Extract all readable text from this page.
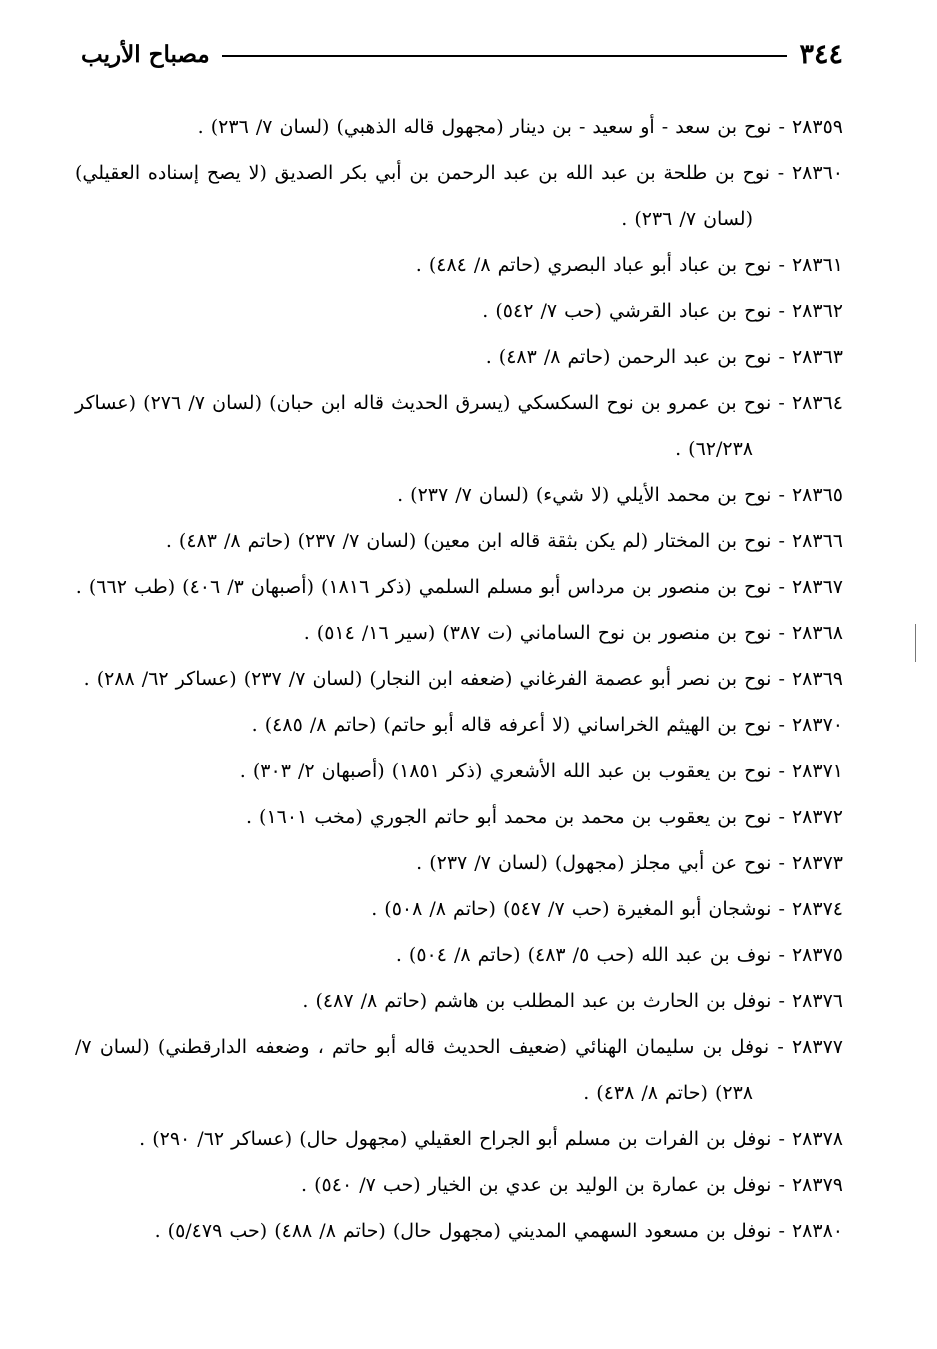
٣٤٤
مصباح الأريب
٢٨٣٥٩ - نوح بن سعد - أو سعيد - بن دينار (مجهول قاله الذهبي) (لسان ٧/ ٢٣٦) .
٢٨٣٦٠ - نوح بن طلحة بن عبد الله بن عبد الرحمن بن أبي بكر الصديق (لا يصح إسناده العقيلي) (لسان ٧/ ٢٣٦) .
٢٨٣٦١ - نوح بن عباد أبو عباد البصري (حاتم ٨/ ٤٨٤) .
٢٨٣٦٢ - نوح بن عباد القرشي (حب ٧/ ٥٤٢) .
٢٨٣٦٣ - نوح بن عبد الرحمن (حاتم ٨/ ٤٨٣) .
٢٨٣٦٤ - نوح بن عمرو بن نوح السكسكي (يسرق الحديث قاله ابن حبان) (لسان ٧/ ٢٧٦) (عساكر ٦٢/٢٣٨) .
٢٨٣٦٥ - نوح بن محمد الأيلي (لا شيء) (لسان ٧/ ٢٣٧) .
٢٨٣٦٦ - نوح بن المختار (لم يكن بثقة قاله ابن معين) (لسان ٧/ ٢٣٧) (حاتم ٨/ ٤٨٣) .
٢٨٣٦٧ - نوح بن منصور بن مرداس أبو مسلم السلمي (ذكر ١٨١٦) (أصبهان ٣/ ٤٠٦) (طب ٦٦٢) .
٢٨٣٦٨ - نوح بن منصور بن نوح الساماني (ت ٣٨٧) (سير ١٦/ ٥١٤) .
٢٨٣٦٩ - نوح بن نصر أبو عصمة الفرغاني (ضعفه ابن النجار) (لسان ٧/ ٢٣٧) (عساكر ٦٢/ ٢٨٨) .
٢٨٣٧٠ - نوح بن الهيثم الخراساني (لا أعرفه قاله أبو حاتم) (حاتم ٨/ ٤٨٥) .
٢٨٣٧١ - نوح بن يعقوب بن عبد الله الأشعري (ذكر ١٨٥١) (أصبهان ٢/ ٣٠٣) .
٢٨٣٧٢ - نوح بن يعقوب بن محمد بن محمد أبو حاتم الجوري (مخب ١٦٠١) .
٢٨٣٧٣ - نوح عن أبي مجلز (مجهول) (لسان ٧/ ٢٣٧) .
٢٨٣٧٤ - نوشجان أبو المغيرة (حب ٧/ ٥٤٧) (حاتم ٨/ ٥٠٨) .
٢٨٣٧٥ - نوف بن عبد الله (حب ٥/ ٤٨٣) (حاتم ٨/ ٥٠٤) .
٢٨٣٧٦ - نوفل بن الحارث بن عبد المطلب بن هاشم (حاتم ٨/ ٤٨٧) .
٢٨٣٧٧ - نوفل بن سليمان الهنائي (ضعيف الحديث قاله أبو حاتم ، وضعفه الدارقطني) (لسان ٧/ ٢٣٨) (حاتم ٨/ ٤٣٨) .
٢٨٣٧٨ - نوفل بن الفرات بن مسلم أبو الجراح العقيلي (مجهول حال) (عساكر ٦٢/ ٢٩٠) .
٢٨٣٧٩ - نوفل بن عمارة بن الوليد بن عدي بن الخيار (حب ٧/ ٥٤٠) .
٢٨٣٨٠ - نوفل بن مسعود السهمي المديني (مجهول حال) (حاتم ٨/ ٤٨٨) (حب ٥/٤٧٩) .
